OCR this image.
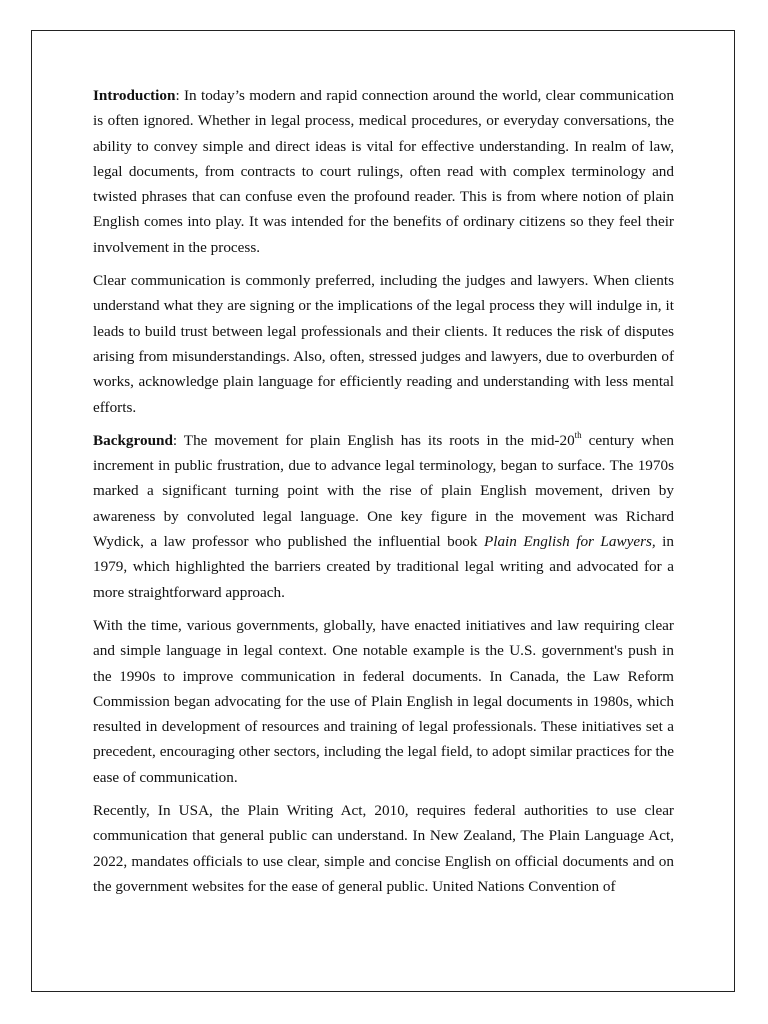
Introduction: In today’s modern and rapid connection around the world, clear communication is often ignored. Whether in legal process, medical procedures, or everyday conversations, the ability to convey simple and direct ideas is vital for effective understanding. In realm of law, legal documents, from contracts to court rulings, often read with complex terminology and twisted phrases that can confuse even the profound reader. This is from where notion of plain English comes into play. It was intended for the benefits of ordinary citizens so they feel their involvement in the process.

Clear communication is commonly preferred, including the judges and lawyers. When clients understand what they are signing or the implications of the legal process they will indulge in, it leads to build trust between legal professionals and their clients. It reduces the risk of disputes arising from misunderstandings. Also, often, stressed judges and lawyers, due to overburden of works, acknowledge plain language for efficiently reading and understanding with less mental efforts.

Background: The movement for plain English has its roots in the mid-20th century when increment in public frustration, due to advance legal terminology, began to surface. The 1970s marked a significant turning point with the rise of plain English movement, driven by awareness by convoluted legal language. One key figure in the movement was Richard Wydick, a law professor who published the influential book Plain English for Lawyers, in 1979, which highlighted the barriers created by traditional legal writing and advocated for a more straightforward approach.

With the time, various governments, globally, have enacted initiatives and law requiring clear and simple language in legal context. One notable example is the U.S. government's push in the 1990s to improve communication in federal documents. In Canada, the Law Reform Commission began advocating for the use of Plain English in legal documents in 1980s, which resulted in development of resources and training of legal professionals. These initiatives set a precedent, encouraging other sectors, including the legal field, to adopt similar practices for the ease of communication.

Recently, In USA, the Plain Writing Act, 2010, requires federal authorities to use clear communication that general public can understand. In New Zealand, The Plain Language Act, 2022, mandates officials to use clear, simple and concise English on official documents and on the government websites for the ease of general public. United Nations Convention of
